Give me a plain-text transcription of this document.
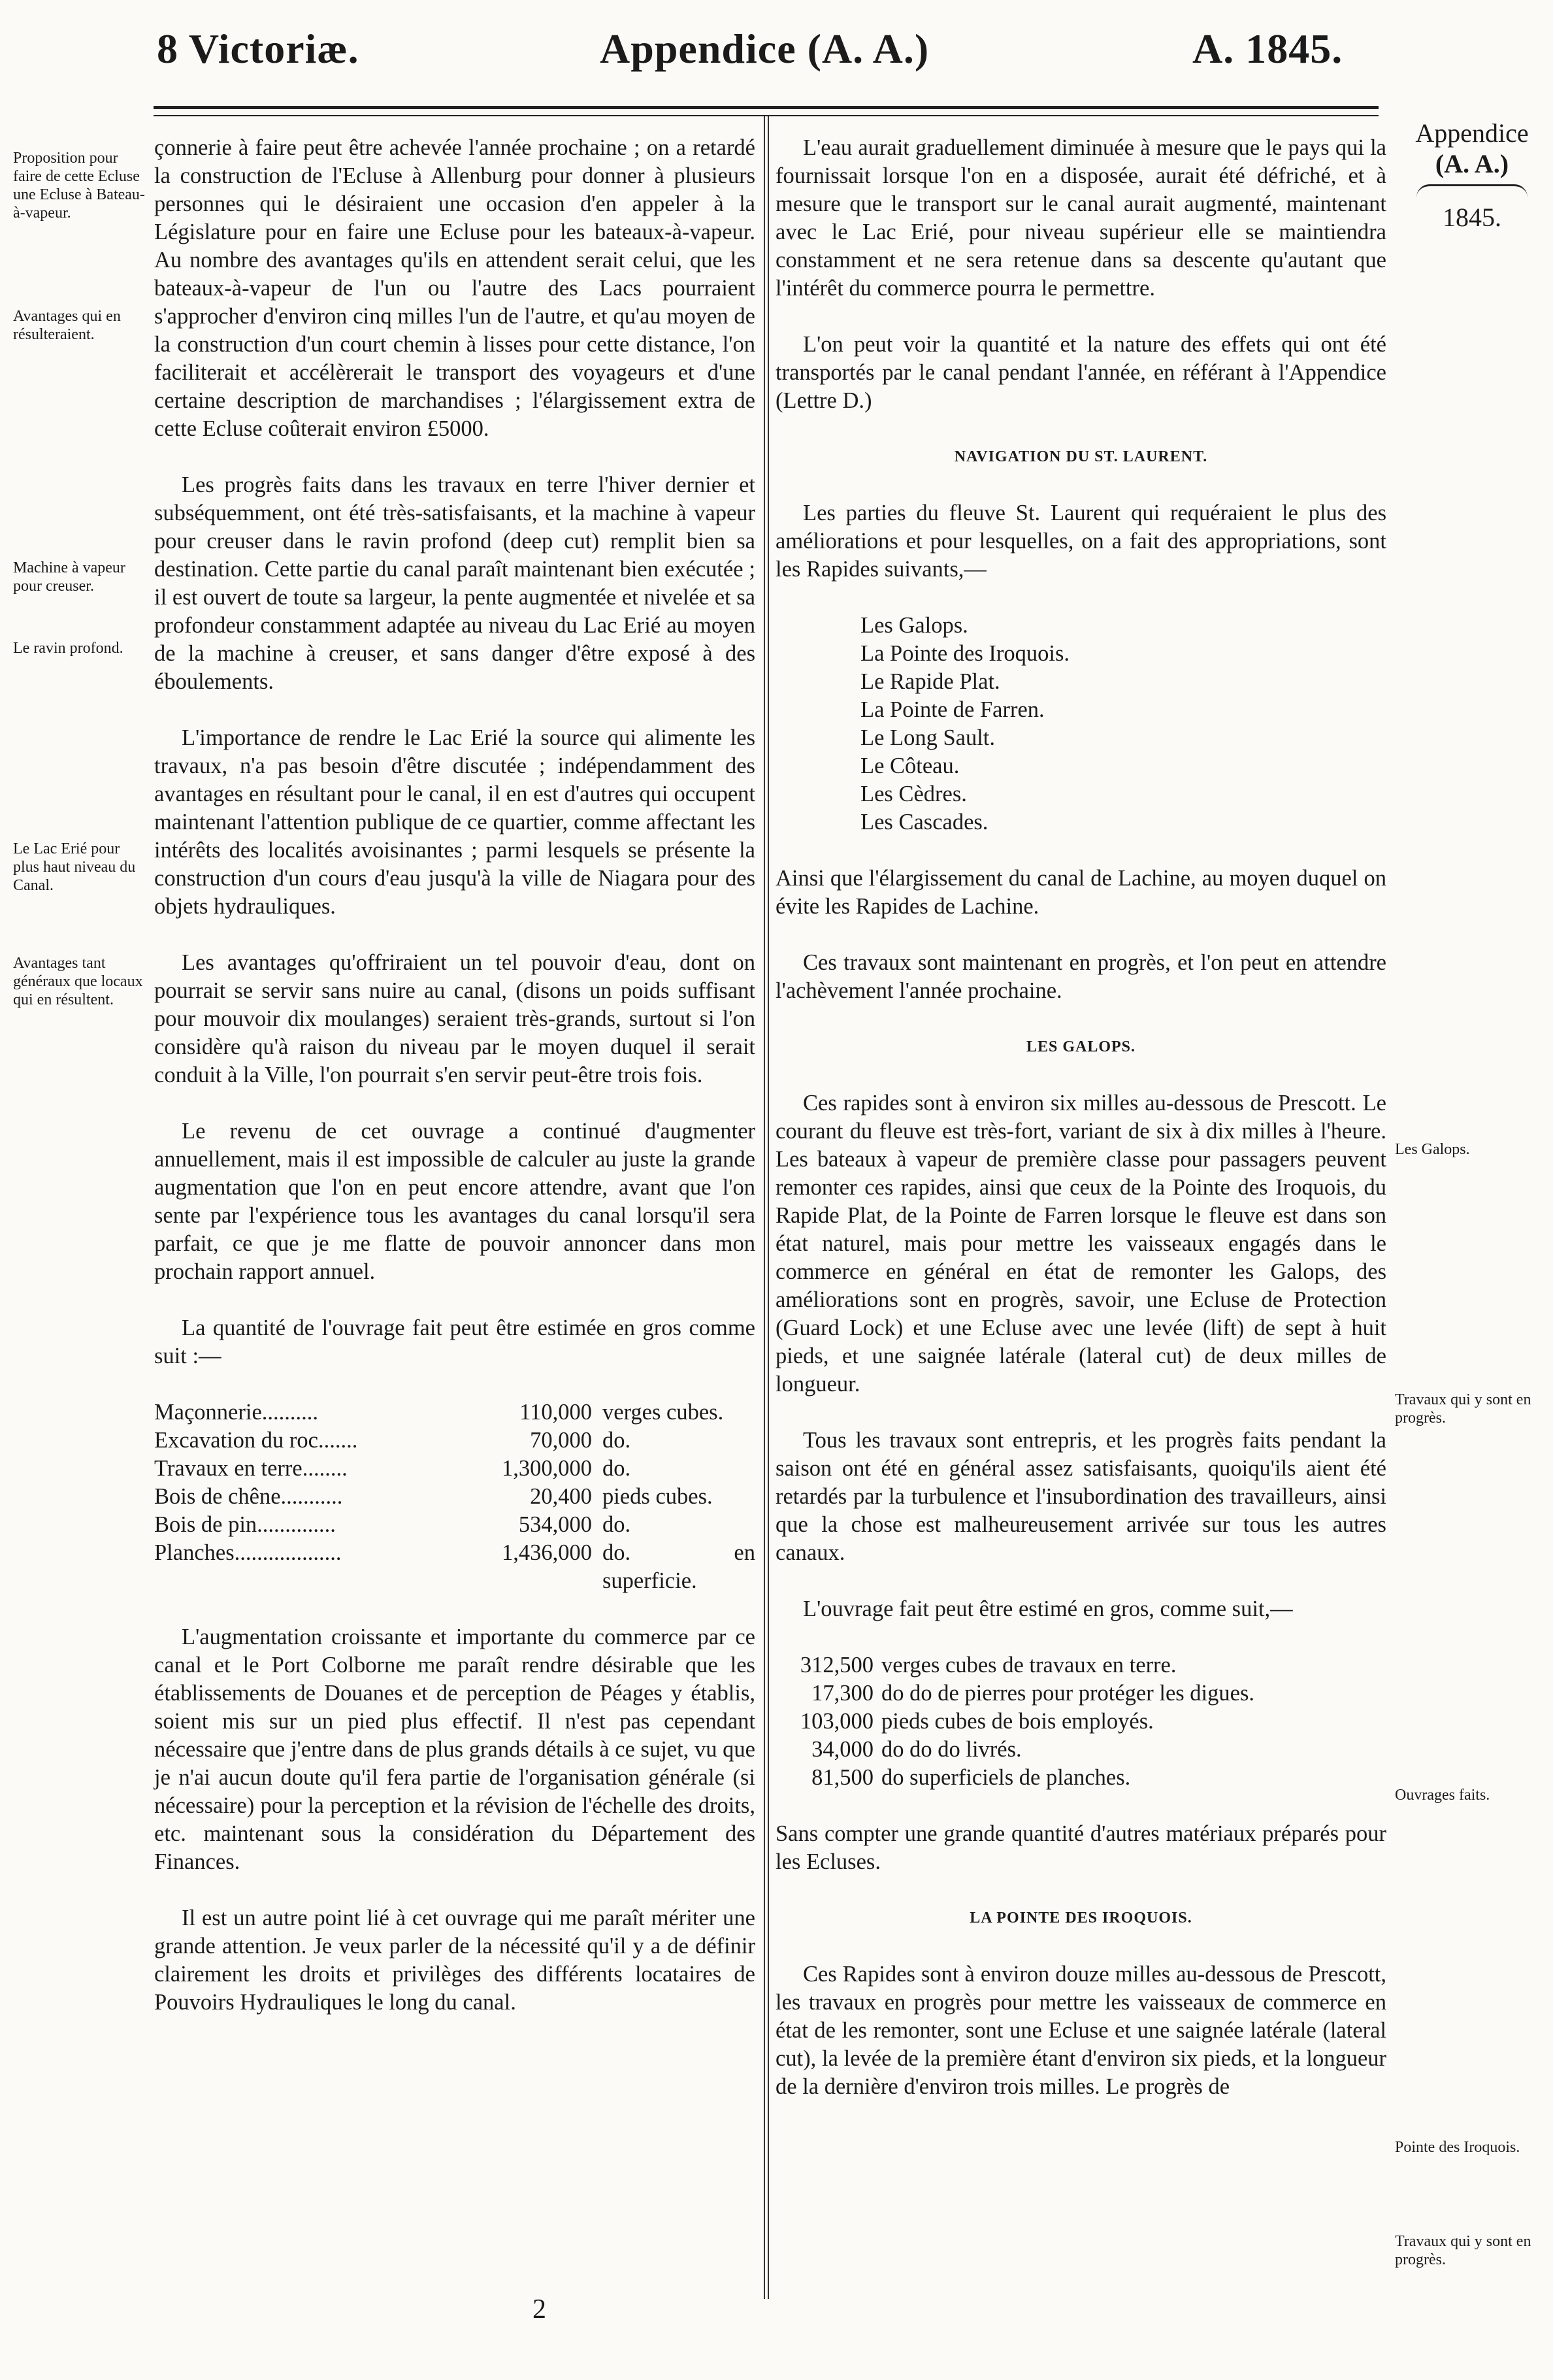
8 Victoriæ.	Appendice (A. A.)	A. 1845.
Appendice
(A. A.)
1845.
Proposition pour faire de cette Ecluse une Ecluse à Bateau-à-vapeur.
Avantages qui en résulteraient.
Machine à vapeur pour creuser.
Le ravin profond.
Le Lac Erié pour plus haut niveau du Canal.
Avantages tant généraux que locaux qui en résultent.
Les Galops.
Travaux qui y sont en progrès.
Ouvrages faits.
Pointe des Iroquois.
Travaux qui y sont en progrès.

çonnerie à faire peut être achevée l'année prochaine ; on a retardé la construction de l'Ecluse à Allenburg pour donner à plusieurs personnes qui le désiraient une occasion d'en appeler à la Législature pour en faire une Ecluse pour les bateaux-à-vapeur. Au nombre des avantages qu'ils en attendent serait celui, que les bateaux-à-vapeur de l'un ou l'autre des Lacs pourraient s'approcher d'environ cinq milles l'un de l'autre, et qu'au moyen de la construction d'un court chemin à lisses pour cette distance, l'on faciliterait et accélèrerait le transport des voyageurs et d'une certaine description de marchandises ; l'élargissement extra de cette Ecluse coûterait environ £5000.

Les progrès faits dans les travaux en terre l'hiver dernier et subséquemment, ont été très-satisfaisants, et la machine à vapeur pour creuser dans le ravin profond (deep cut) remplit bien sa destination. Cette partie du canal paraît maintenant bien exécutée ; il est ouvert de toute sa largeur, la pente augmentée et nivelée et sa profondeur constamment adaptée au niveau du Lac Erié au moyen de la machine à creuser, et sans danger d'être exposé à des éboulements.

L'importance de rendre le Lac Erié la source qui alimente les travaux, n'a pas besoin d'être discutée ; indépendamment des avantages en résultant pour le canal, il en est d'autres qui occupent maintenant l'attention publique de ce quartier, comme affectant les intérêts des localités avoisinantes ; parmi lesquels se présente la construction d'un cours d'eau jusqu'à la ville de Niagara pour des objets hydrauliques.

Les avantages qu'offriraient un tel pouvoir d'eau, dont on pourrait se servir sans nuire au canal, (disons un poids suffisant pour mouvoir dix moulanges) seraient très-grands, surtout si l'on considère qu'à raison du niveau par le moyen duquel il serait conduit à la Ville, l'on pourrait s'en servir peut-être trois fois.

Le revenu de cet ouvrage a continué d'augmenter annuellement, mais il est impossible de calculer au juste la grande augmentation que l'on en peut encore attendre, avant que l'on sente par l'expérience tous les avantages du canal lorsqu'il sera parfait, ce que je me flatte de pouvoir annoncer dans mon prochain rapport annuel.

La quantité de l'ouvrage fait peut être estimée en gros comme suit :—

Maçonnerie..........	110,000	verges cubes.
Excavation du roc.......	70,000	do.
Travaux en terre........	1,300,000	do.
Bois de chêne...........	20,400	pieds cubes.
Bois de pin..............	534,000	do.
Planches...................	1,436,000	do. en superficie.

L'augmentation croissante et importante du commerce par ce canal et le Port Colborne me paraît rendre désirable que les établissements de Douanes et de perception de Péages y établis, soient mis sur un pied plus effectif. Il n'est pas cependant nécessaire que j'entre dans de plus grands détails à ce sujet, vu que je n'ai aucun doute qu'il fera partie de l'organisation générale (si nécessaire) pour la perception et la révision de l'échelle des droits, etc. maintenant sous la considération du Département des Finances.

Il est un autre point lié à cet ouvrage qui me paraît mériter une grande attention. Je veux parler de la nécessité qu'il y a de définir clairement les droits et privilèges des différents locataires de Pouvoirs Hydrauliques le long du canal.

L'eau aurait graduellement diminuée à mesure que le pays qui la fournissait lorsque l'on en a disposée, aurait été défriché, et à mesure que le transport sur le canal aurait augmenté, maintenant avec le Lac Erié, pour niveau supérieur elle se maintiendra constamment et ne sera retenue dans sa descente qu'autant que l'intérêt du commerce pourra le permettre.

L'on peut voir la quantité et la nature des effets qui ont été transportés par le canal pendant l'année, en référant à l'Appendice (Lettre D.)

NAVIGATION DU ST. LAURENT.

Les parties du fleuve St. Laurent qui requéraient le plus des améliorations et pour lesquelles, on a fait des appropriations, sont les Rapides suivants,—

Les Galops.
La Pointe des Iroquois.
Le Rapide Plat.
La Pointe de Farren.
Le Long Sault.
Le Côteau.
Les Cèdres.
Les Cascades.

Ainsi que l'élargissement du canal de Lachine, au moyen duquel on évite les Rapides de Lachine.

Ces travaux sont maintenant en progrès, et l'on peut en attendre l'achèvement l'année prochaine.

LES GALOPS.

Ces rapides sont à environ six milles au-dessous de Prescott. Le courant du fleuve est très-fort, variant de six à dix milles à l'heure. Les bateaux à vapeur de première classe pour passagers peuvent remonter ces rapides, ainsi que ceux de la Pointe des Iroquois, du Rapide Plat, de la Pointe de Farren lorsque le fleuve est dans son état naturel, mais pour mettre les vaisseaux engagés dans le commerce en général en état de remonter les Galops, des améliorations sont en progrès, savoir, une Ecluse de Protection (Guard Lock) et une Ecluse avec une levée (lift) de sept à huit pieds, et une saignée latérale (lateral cut) de deux milles de longueur.

Tous les travaux sont entrepris, et les progrès faits pendant la saison ont été en général assez satisfaisants, quoiqu'ils aient été retardés par la turbulence et l'insubordination des travailleurs, ainsi que la chose est malheureusement arrivée sur tous les autres canaux.

L'ouvrage fait peut être estimé en gros, comme suit,—

312,500	verges cubes de travaux en terre.
17,300	do do de pierres pour protéger les digues.
103,000	pieds cubes de bois employés.
34,000	do do do livrés.
81,500	do superficiels de planches.

Sans compter une grande quantité d'autres matériaux préparés pour les Ecluses.

LA POINTE DES IROQUOIS.

Ces Rapides sont à environ douze milles au-dessous de Prescott, les travaux en progrès pour mettre les vaisseaux de commerce en état de les remonter, sont une Ecluse et une saignée latérale (lateral cut), la levée de la première étant d'environ six pieds, et la longueur de la dernière d'environ trois milles. Le progrès de

2
